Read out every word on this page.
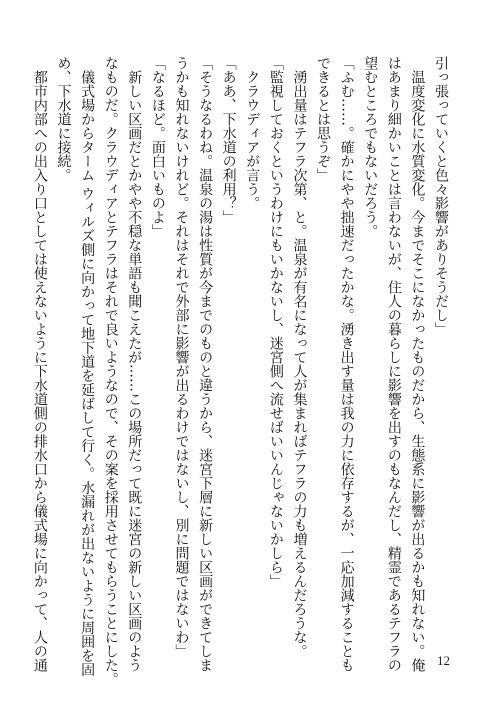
引っ張っていくと色々影響がありそうだし」
　温度変化に水質変化。今までそこになかったものだから、生態系に影響が出るかも知れない。俺
はあまり細かいことは言わないが、住人の暮らしに影響を出すのもなんだし、精霊であるテフラの
望むところでもないだろう。
「ふむ……。確かにやや拙速だったかな。湧き出す量は我の力に依存するが、一応加減することも
できるとは思うぞ」
　湧出量はテフラ次第、と。温泉が有名になって人が集まればテフラの力も増えるんだろうな。
「監視しておくというわけにもいかないし、迷宮側へ流せばいいんじゃないかしら」
　クラウディアが言う。
「ああ、下水道の利用？」
「そうなるわね。温泉の湯は性質が今までのものと違うから、迷宮下層に新しい区画ができてしま
うかも知れないけれど。それはそれで外部に影響が出るわけではないし、別に問題ではないわ」
「なるほど。面白いものよ」
　新しい区画だとかやや不穏な単語も聞こえたが……この場所だって既に迷宮の新しい区画のよう
なものだ。クラウディアとテフラはそれで良いようなので、その案を採用させてもらうことにした。
　儀式場からターム ウィルズ側に向かって地下道を延ばして行く。水漏れが出ないように周囲を固
め、下水道に接続。
　都市内部への出入り口としては使えないように下水道側の排水口から儀式場に向かって、人の通	12
